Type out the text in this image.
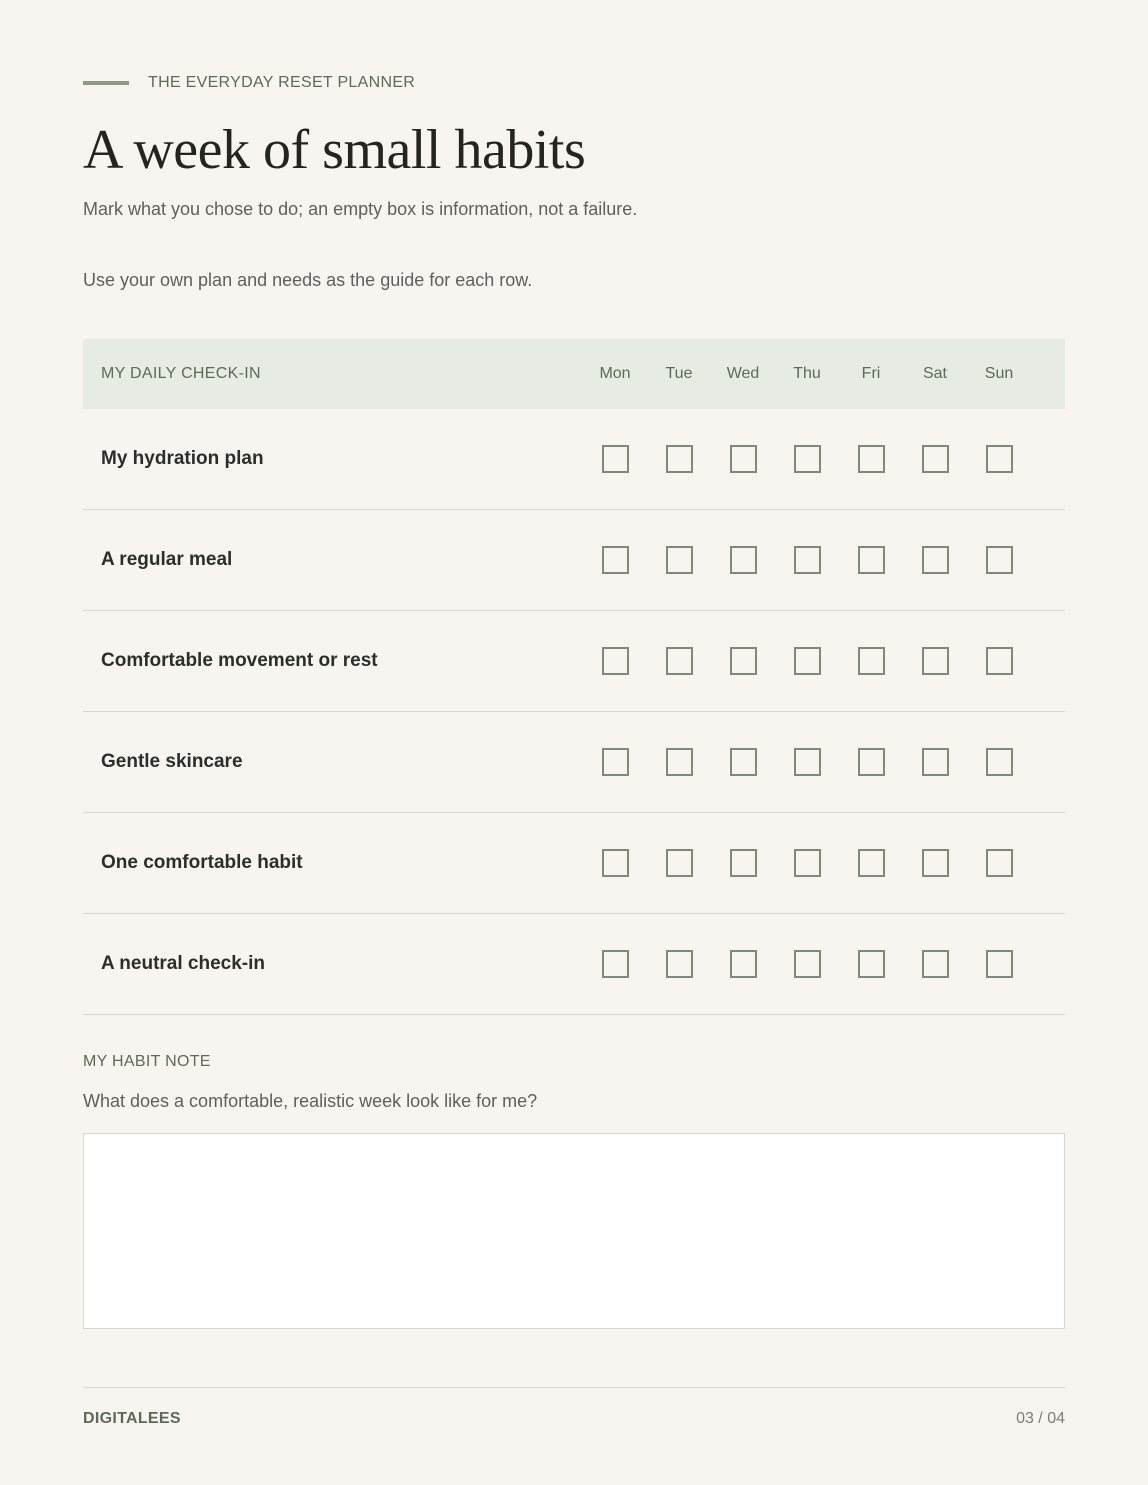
THE EVERYDAY RESET PLANNER
A week of small habits
Mark what you chose to do; an empty box is information, not a failure.
Use your own plan and needs as the guide for each row.
MY DAILY CHECK-IN	Mon	Tue	Wed	Thu	Fri	Sat	Sun
My hydration plan
A regular meal
Comfortable movement or rest
Gentle skincare
One comfortable habit
A neutral check-in
MY HABIT NOTE
What does a comfortable, realistic week look like for me?
DIGITALEES	03 / 04
